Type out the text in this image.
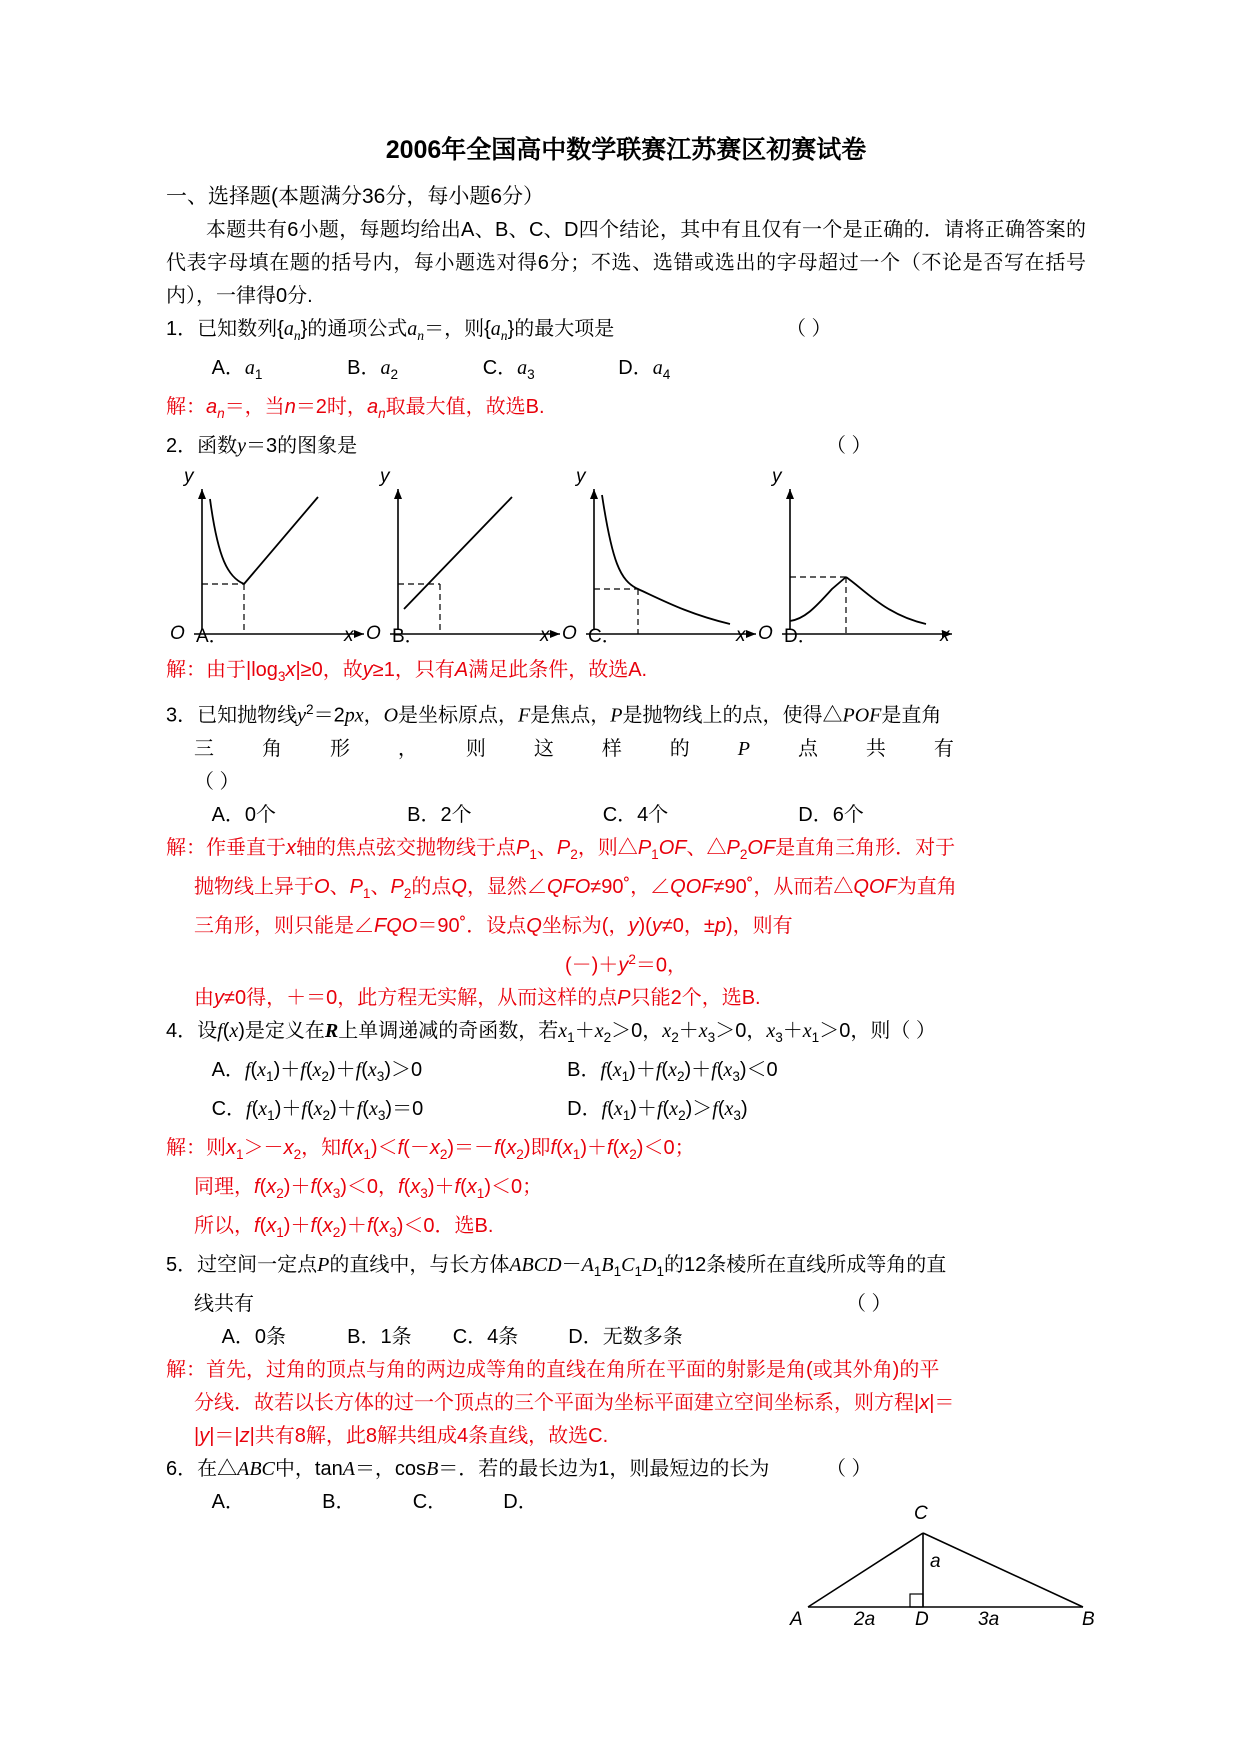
2006年全国高中数学联赛江苏赛区初赛试卷
一、选择题(本题满分36分，每小题6分）

本题共有6小题，每题均给出A、B、C、D四个结论，其中有且仅有一个是正确的．请将正确答案的代表字母填在题的括号内，每小题选对得6分；不选、选错或选出的字母超过一个（不论是否写在括号内），一律得0分.

1．已知数列$\{a_n\}$的通项公式$a_n=$，则$\{a_n\}$的最大项是	（ ）
A．$a_1$	B．$a_2$	C．$a_3$	D．$a_4$
解：$a_n=$，当n＝2时，$a_n$取最大值，故选B.
2．函数y＝3的图象是	（ ）
y
x
O A．
y
x
O B．
y
x
O C．
y
x
O D．
解：由于$|\log_3x|\ge 0$，故y≥1，只有A满足此条件，故选A.
3．已知抛物线$y^2=2px$，O是坐标原点，F是焦点，P是抛物线上的点，使得△POF是直角
三 角 形 ， 则 这 样 的 P 点 共 有
（ ）
A．0个	B．2个	C．4个	D．6个
解：作垂直于x轴的焦点弦交抛物线于点$P_1$、$P_2$，则$\triangle P_1OF$、$\triangle P_2OF$是直角三角形．对于
抛物线上异于O、$P_1$、$P_2$的点Q，显然∠QFO≠90˚，∠QOF≠90˚，从而若△QOF为直角
三角形，则只能是∠FQO＝90˚．设点Q坐标为(，y)(y≠0，±p)，则有
$(-)+y^2=0$，
由y≠0得，＋＝0，此方程无实解，从而这样的点P只能2个，选B.
4．设f(x)是定义在R上单调递减的奇函数，若$x_1+x_2>0$，$x_2+x_3>0$，$x_3+x_1>0$，则（ ）
A．$f(x_1)+f(x_2)+f(x_3)>0$	B．$f(x_1)+f(x_2)+f(x_3)<0$
C．$f(x_1)+f(x_2)+f(x_3)=0$	D．$f(x_1)+f(x_2)>f(x_3)$
解：则$x_1>-x_2$，知$f(x_1)<f(-x_2)=-f(x_2)$即$f(x_1)+f(x_2)<0$；
同理，$f(x_2)+f(x_3)<0$，$f(x_3)+f(x_1)<0$；
所以，$f(x_1)+f(x_2)+f(x_3)<0$．选B.
5．过空间一定点P的直线中，与长方体$ABCD-A_1B_1C_1D_1$的12条棱所在直线所成等角的直
线共有	（ ）
A．0条	B．1条 C．4条 D．无数多条
解：首先，过角的顶点与角的两边成等角的直线在角所在平面的射影是角(或其外角)的平
分线．故若以长方体的过一个顶点的三个平面为坐标平面建立空间坐标系，则方程|x|＝
|y|＝|z|共有8解，此8解共组成4条直线，故选C.
6．在△ABC中，tanA＝，cosB＝．若的最长边为1，则最短边的长为	（ ）
A．	B．	C．	D．
C
A	B
D
2a	3a
a
